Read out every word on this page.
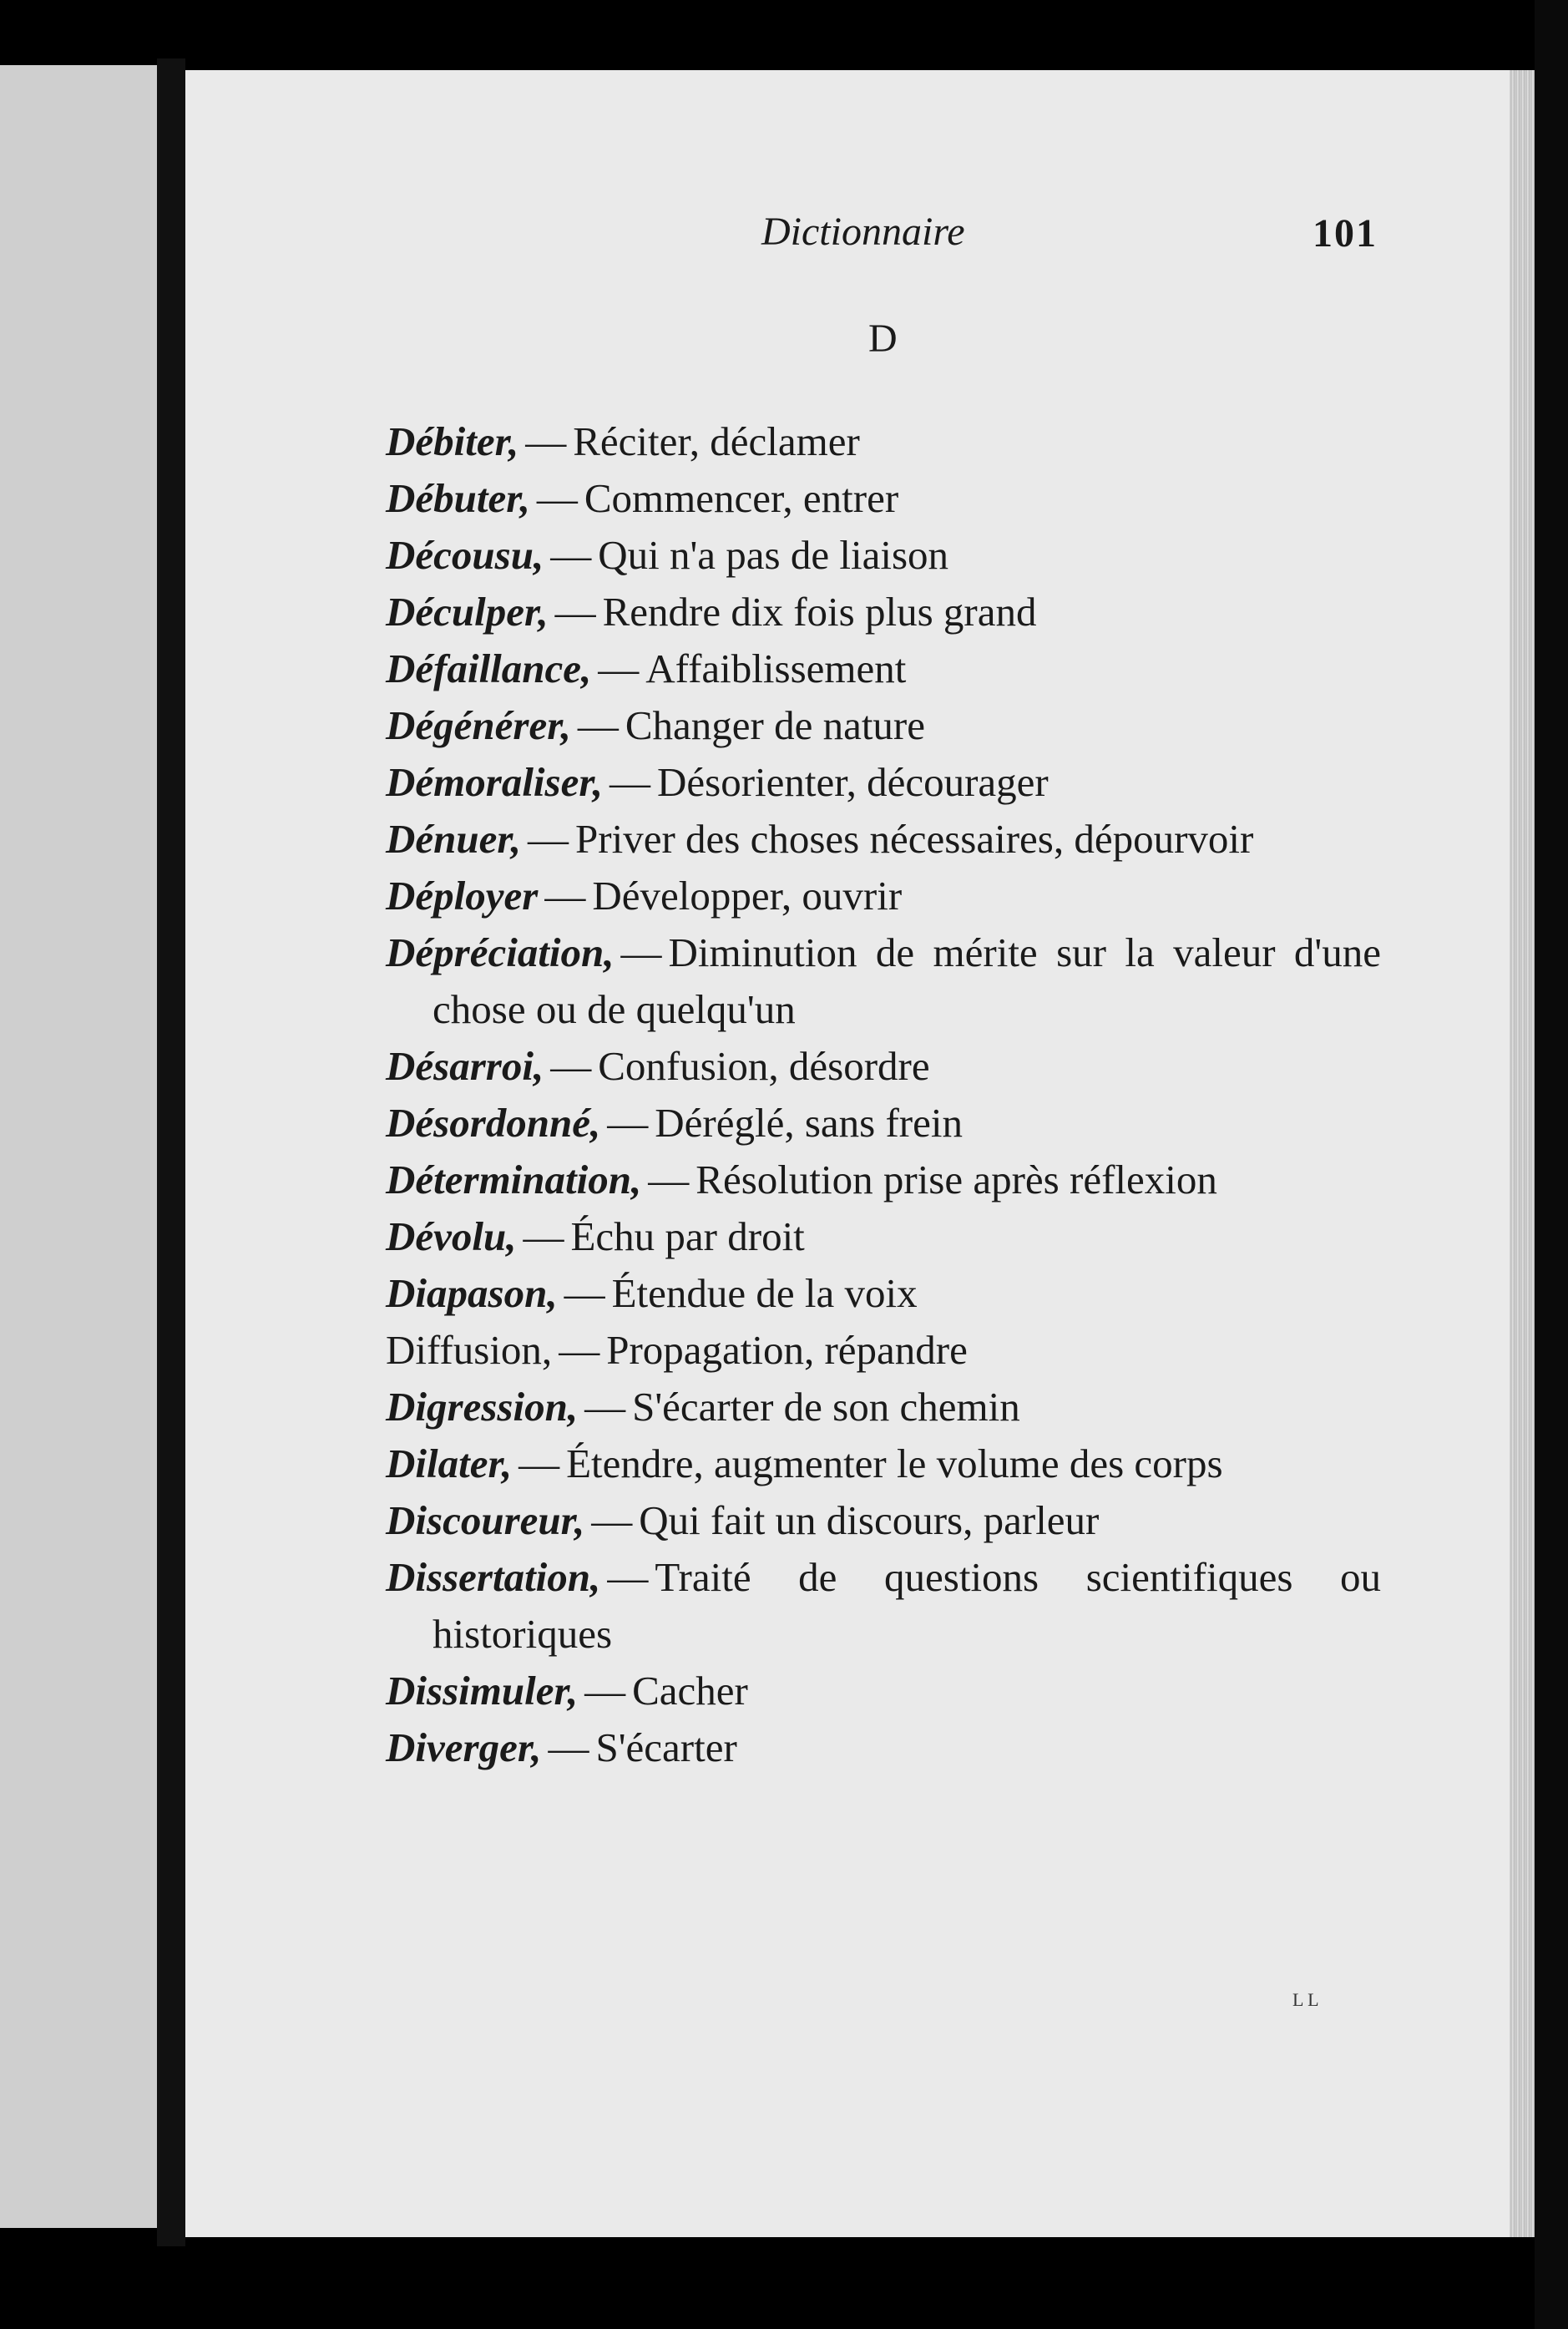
Dictionnaire	101
D

Débiter, — Réciter, déclamer

Débuter, — Commencer, entrer

Décousu, — Qui n'a pas de liaison

Déculper, — Rendre dix fois plus grand

Défaillance, — Affaiblissement

Dégénérer, — Changer de nature

Démoraliser, — Désorienter, décourager

Dénuer, — Priver des choses nécessaires, dépourvoir

Déployer — Développer, ouvrir

Dépréciation, — Diminution de mérite sur la valeur d'une chose ou de quelqu'un

Désarroi, — Confusion, désordre

Désordonné, — Déréglé, sans frein

Détermination, — Résolution prise après réflexion

Dévolu, — Échu par droit

Diapason, — Étendue de la voix

Diffusion, — Propagation, répandre

Digression, — S'écarter de son chemin

Dilater, — Étendre, augmenter le volume des corps

Discoureur, — Qui fait un discours, parleur

Dissertation, — Traité de questions scientifiques ou historiques

Dissimuler, — Cacher

Diverger, — S'écarter

L L
